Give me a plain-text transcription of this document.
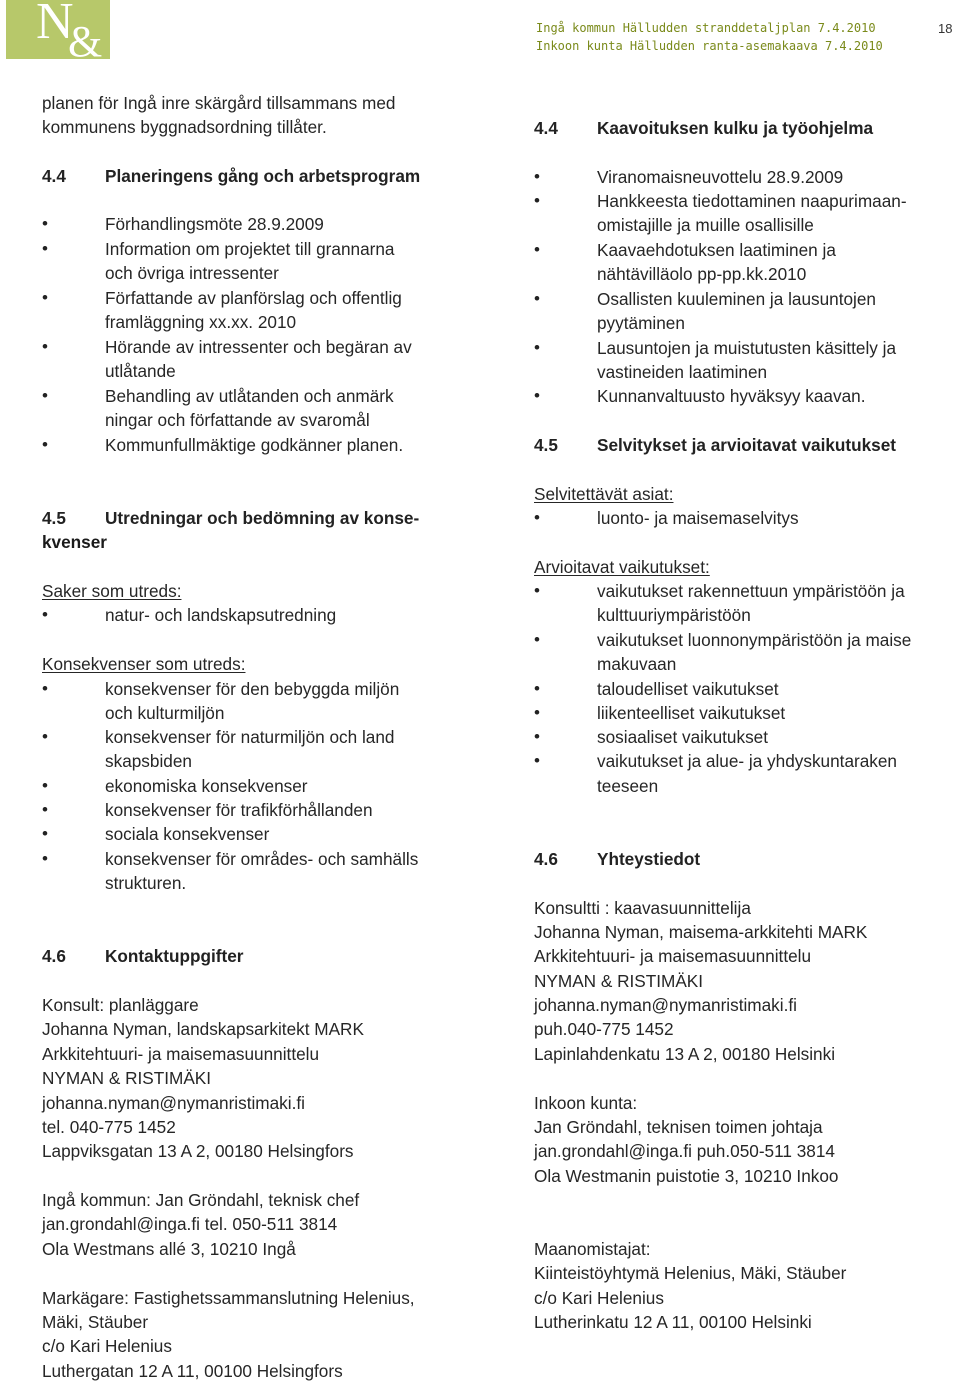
N R
&	Ingå kommun Hälludden stranddetaljplan 7.4.2010
Inkoon kunta Hälludden ranta-asemakaava 7.4.2010
18
planen för Ingå inre skärgård tillsammans med
kommunens byggnadsordning tillåter.
4.4 Planeringens gång och arbetsprogram
•	Förhandlingsmöte 28.9.2009
•	Information om projektet till grannarna
och övriga intressenter
•	Författande av planförslag och offentlig
framläggning xx.xx. 2010
•	Hörande av intressenter och begäran av
utlåtande
•	Behandling av utlåtanden och anmärk
ningar och författande av svaromål
•	Kommunfullmäktige godkänner planen.
4.5 Utredningar och bedömning av konse-
kvenser
Saker som utreds:
•	natur- och landskapsutredning
Konsekvenser som utreds:
•	konsekvenser för den bebyggda miljön
och kulturmiljön
•	konsekvenser för naturmiljön och land
skapsbiden
•	ekonomiska konsekvenser
•	konsekvenser för trafikförhållanden
•	sociala konsekvenser
•	konsekvenser för områdes- och samhälls
strukturen.
4.6 Kontaktuppgifter
Konsult: planläggare
Johanna Nyman, landskapsarkitekt MARK
Arkkitehtuuri- ja maisemasuunnittelu
NYMAN & RISTIMÄKI
johanna.nyman@nymanristimaki.fi
tel. 040-775 1452
Lappviksgatan 13 A 2, 00180 Helsingfors
Ingå kommun: Jan Gröndahl, teknisk chef
jan.grondahl@inga.fi tel. 050-511 3814
Ola Westmans allé 3, 10210 Ingå
Markägare: Fastighetssammanslutning Helenius,
Mäki, Stäuber
c/o Kari Helenius
Luthergatan 12 A 11, 00100 Helsingfors
4.4 Kaavoituksen kulku ja työohjelma
•	Viranomaisneuvottelu 28.9.2009
•	Hankkeesta tiedottaminen naapurimaan-
omistajille ja muille osallisille
•	Kaavaehdotuksen laatiminen ja
nähtävilläolo pp-pp.kk.2010
•	Osallisten kuuleminen ja lausuntojen
pyytäminen
•	Lausuntojen ja muistutusten käsittely ja
vastineiden laatiminen
•	Kunnanvaltuusto hyväksyy kaavan.
4.5 Selvitykset ja arvioitavat vaikutukset
Selvitettävät asiat:
•	luonto- ja maisemaselvitys
Arvioitavat vaikutukset:
•	vaikutukset rakennettuun ympäristöön ja
kulttuuriympäristöön
•	vaikutukset luonnonympäristöön ja maise
makuvaan
•	taloudelliset vaikutukset
•	liikenteelliset vaikutukset
•	sosiaaliset vaikutukset
•	vaikutukset ja alue- ja yhdyskuntaraken
teeseen
4.6 Yhteystiedot
Konsultti : kaavasuunnittelija
Johanna Nyman, maisema-arkkitehti MARK
Arkkitehtuuri- ja maisemasuunnittelu
NYMAN & RISTIMÄKI
johanna.nyman@nymanristimaki.fi
puh.040-775 1452
Lapinlahdenkatu 13 A 2, 00180 Helsinki
Inkoon kunta:
Jan Gröndahl, teknisen toimen johtaja
jan.grondahl@inga.fi puh.050-511 3814
Ola Westmanin puistotie 3, 10210 Inkoo
Maanomistajat:
Kiinteistöyhtymä Helenius, Mäki, Stäuber
c/o Kari Helenius
Lutherinkatu 12 A 11, 00100 Helsinki
